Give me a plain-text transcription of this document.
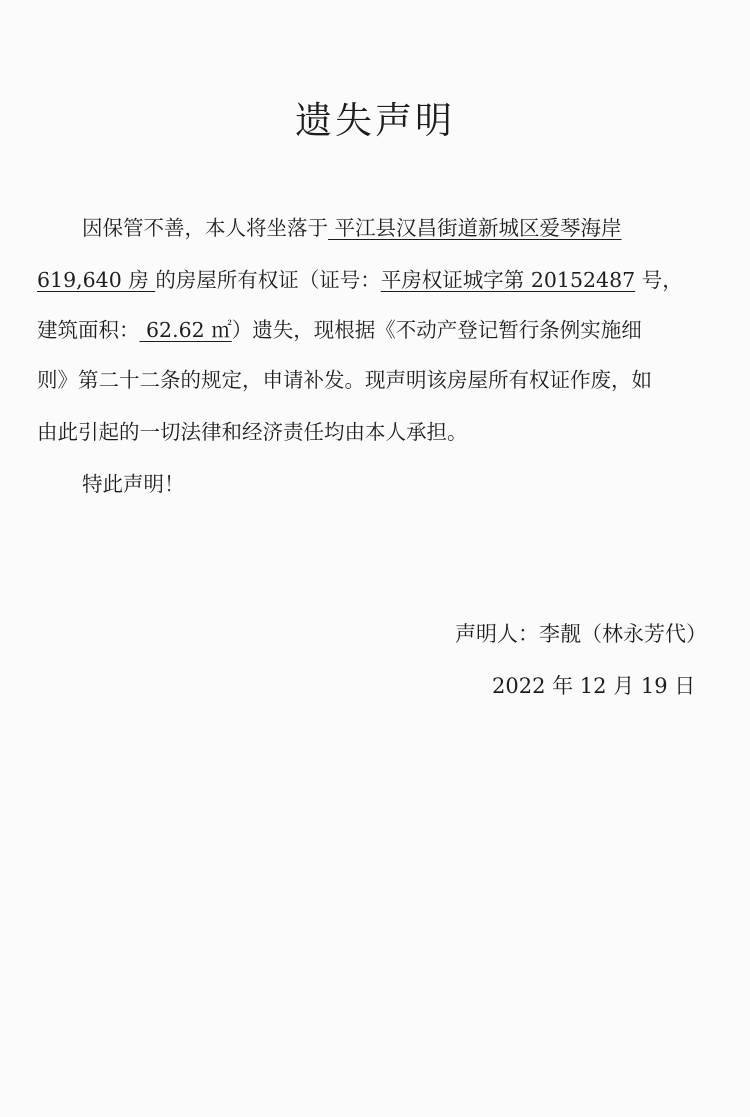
遗失声明
因保管不善，本人将坐落于 平江县汉昌街道新城区爱琴海岸
619,640 房 的房屋所有权证（证号：平房权证城字第 20152487 号，
建筑面积： 62.62 ㎡）遗失，现根据《不动产登记暂行条例实施细
则》第二十二条的规定，申请补发。现声明该房屋所有权证作废，如
由此引起的一切法律和经济责任均由本人承担。
特此声明！
声明人：李靓（林永芳代）
2022 年 12 月 19 日
